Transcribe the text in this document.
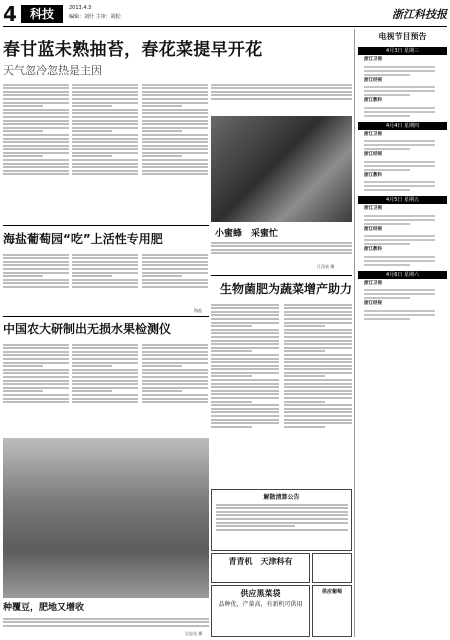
4	科技	2013.4.3
编辑：刘什 主审：胡松	浙江科技报
春甘蓝未熟抽苔，春花菜提早开花
天气忽冷忽热是主因
小蜜蜂　采蜜忙
江西省 摄
海盐葡萄园“吃”上活性专用肥
海盐
生物菌肥为蔬菜增产助力
中国农大研制出无损水果检测仪
种覆豆，肥地又增收
吴忠光 摄
解散清算公告
青青机　天津科有
供应黑菜袋
品种优，产量高，有新机可供用
供应葡萄
电视节目预告
4月3日 星期三
浙江卫视
浙江经视
浙江教科
4月4日 星期四
浙江卫视
浙江经视
浙江教科
4月5日 星期五
浙江卫视
浙江经视
浙江教科
4月6日 星期六
浙江卫视
浙江经视
